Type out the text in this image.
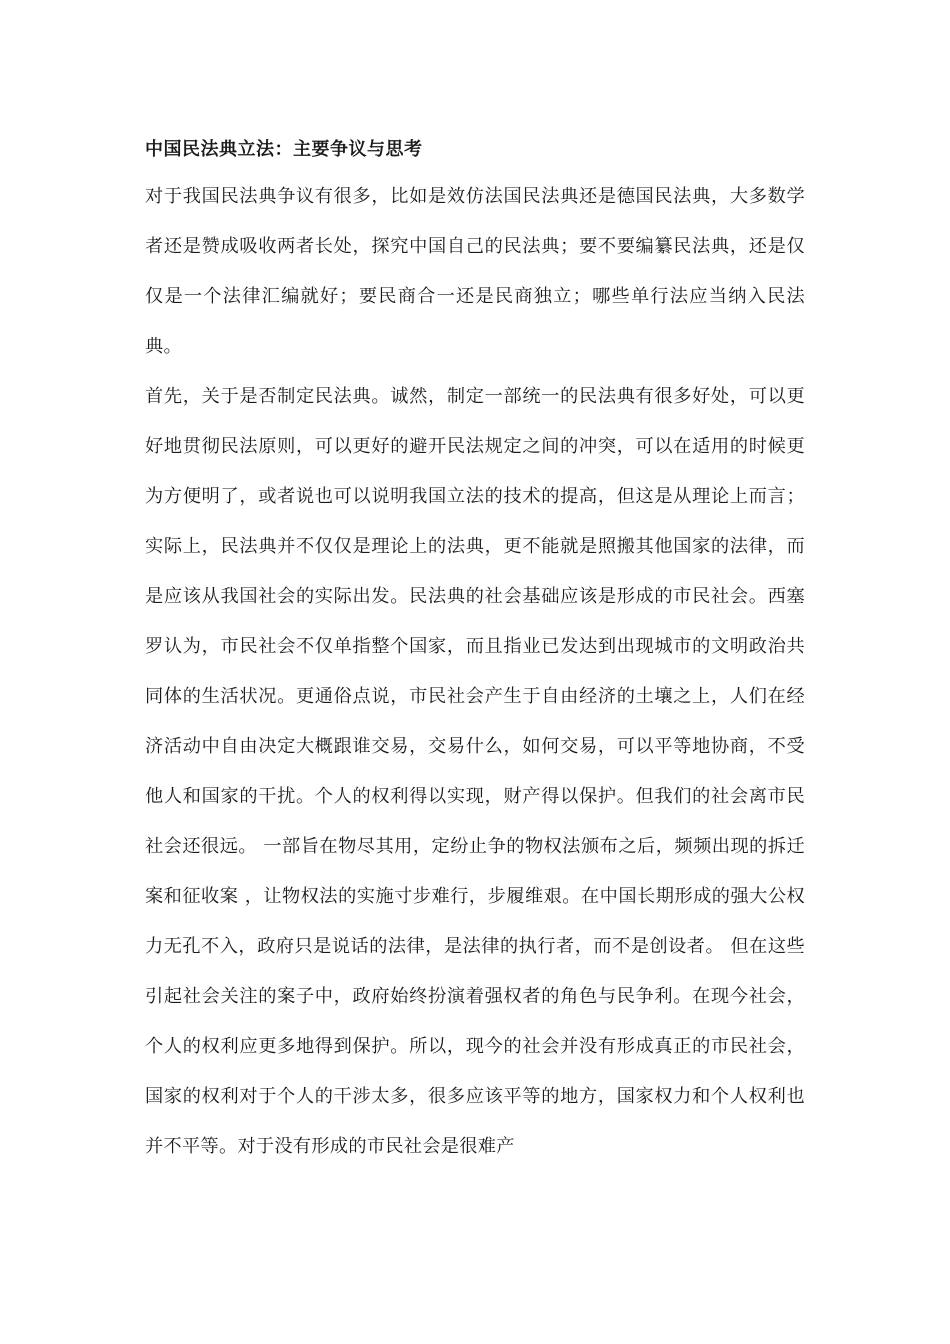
中国民法典立法：主要争议与思考

对于我国民法典争议有很多，比如是效仿法国民法典还是德国民法典，大多数学者还是赞成吸收两者长处，探究中国自己的民法典；要不要编纂民法典，还是仅仅是一个法律汇编就好；要民商合一还是民商独立；哪些单行法应当纳入民法典。

首先，关于是否制定民法典。诚然，制定一部统一的民法典有很多好处，可以更好地贯彻民法原则，可以更好的避开民法规定之间的冲突，可以在适用的时候更为方便明了，或者说也可以说明我国立法的技术的提高，但这是从理论上而言；实际上，民法典并不仅仅是理论上的法典，更不能就是照搬其他国家的法律，而是应该从我国社会的实际出发。民法典的社会基础应该是形成的市民社会。西塞罗认为，市民社会不仅单指整个国家，而且指业已发达到出现城市的文明政治共同体的生活状况。更通俗点说，市民社会产生于自由经济的土壤之上，人们在经济活动中自由决定大概跟谁交易，交易什么，如何交易，可以平等地协商，不受他人和国家的干扰。个人的权利得以实现，财产得以保护。但我们的社会离市民社会还很远。 一部旨在物尽其用，定纷止争的物权法颁布之后，频频出现的拆迁案和征收案 ，让物权法的实施寸步难行，步履维艰。在中国长期形成的强大公权力无孔不入，政府只是说话的法律，是法律的执行者，而不是创设者。 但在这些引起社会关注的案子中，政府始终扮演着强权者的角色与民争利。在现今社会，个人的权利应更多地得到保护。所以，现今的社会并没有形成真正的市民社会，国家的权利对于个人的干涉太多，很多应该平等的地方，国家权力和个人权利也并不平等。对于没有形成的市民社会是很难产
